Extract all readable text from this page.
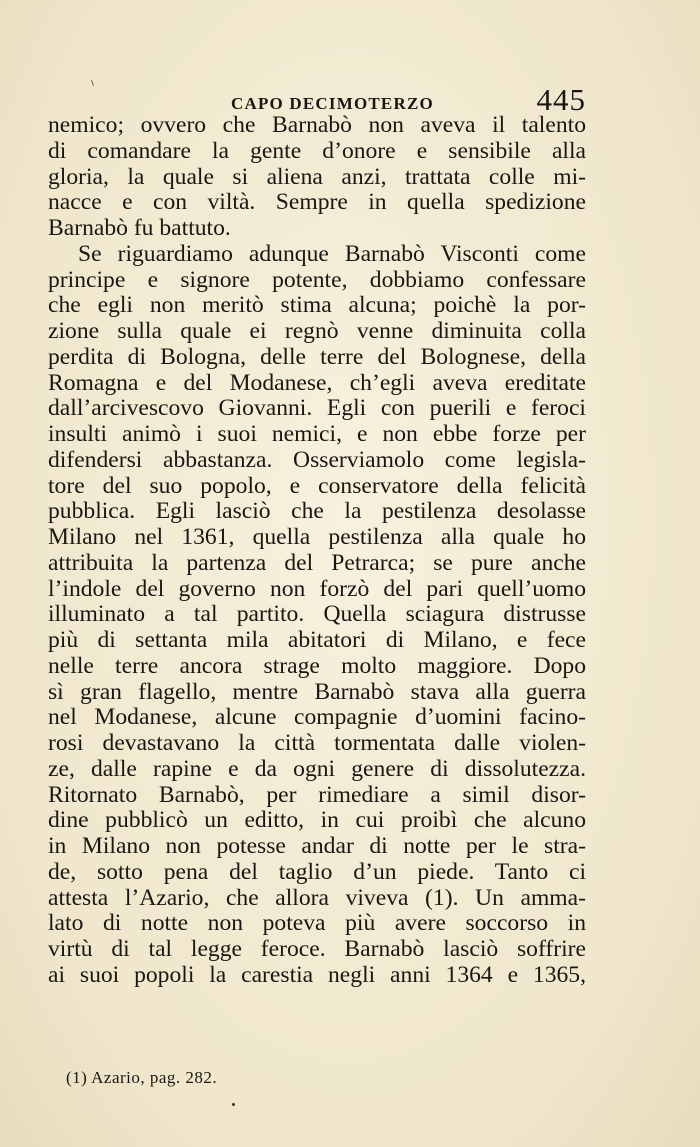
CAPO DECIMOTERZO	445
nemico; ovvero che Barnabò non aveva il talento
di comandare la gente d’onore e sensibile alla
gloria, la quale si aliena anzi, trattata colle mi-
nacce e con viltà. Sempre in quella spedizione
Barnabò fu battuto.
Se riguardiamo adunque Barnabò Visconti come
principe e signore potente, dobbiamo confessare
che egli non meritò stima alcuna; poichè la por-
zione sulla quale ei regnò venne diminuita colla
perdita di Bologna, delle terre del Bolognese, della
Romagna e del Modanese, ch’egli aveva ereditate
dall’arcivescovo Giovanni. Egli con puerili e feroci
insulti animò i suoi nemici, e non ebbe forze per
difendersi abbastanza. Osserviamolo come legisla-
tore del suo popolo, e conservatore della felicità
pubblica. Egli lasciò che la pestilenza desolasse
Milano nel 1361, quella pestilenza alla quale ho
attribuita la partenza del Petrarca; se pure anche
l’indole del governo non forzò del pari quell’uomo
illuminato a tal partito. Quella sciagura distrusse
più di settanta mila abitatori di Milano, e fece
nelle terre ancora strage molto maggiore. Dopo
sì gran flagello, mentre Barnabò stava alla guerra
nel Modanese, alcune compagnie d’uomini facino-
rosi devastavano la città tormentata dalle violen-
ze, dalle rapine e da ogni genere di dissolutezza.
Ritornato Barnabò, per rimediare a simil disor-
dine pubblicò un editto, in cui proibì che alcuno
in Milano non potesse andar di notte per le stra-
de, sotto pena del taglio d’un piede. Tanto ci
attesta l’Azario, che allora viveva (1). Un amma-
lato di notte non poteva più avere soccorso in
virtù di tal legge feroce. Barnabò lasciò soffrire
ai suoi popoli la carestia negli anni 1364 e 1365,
(1) Azario, pag. 282.
